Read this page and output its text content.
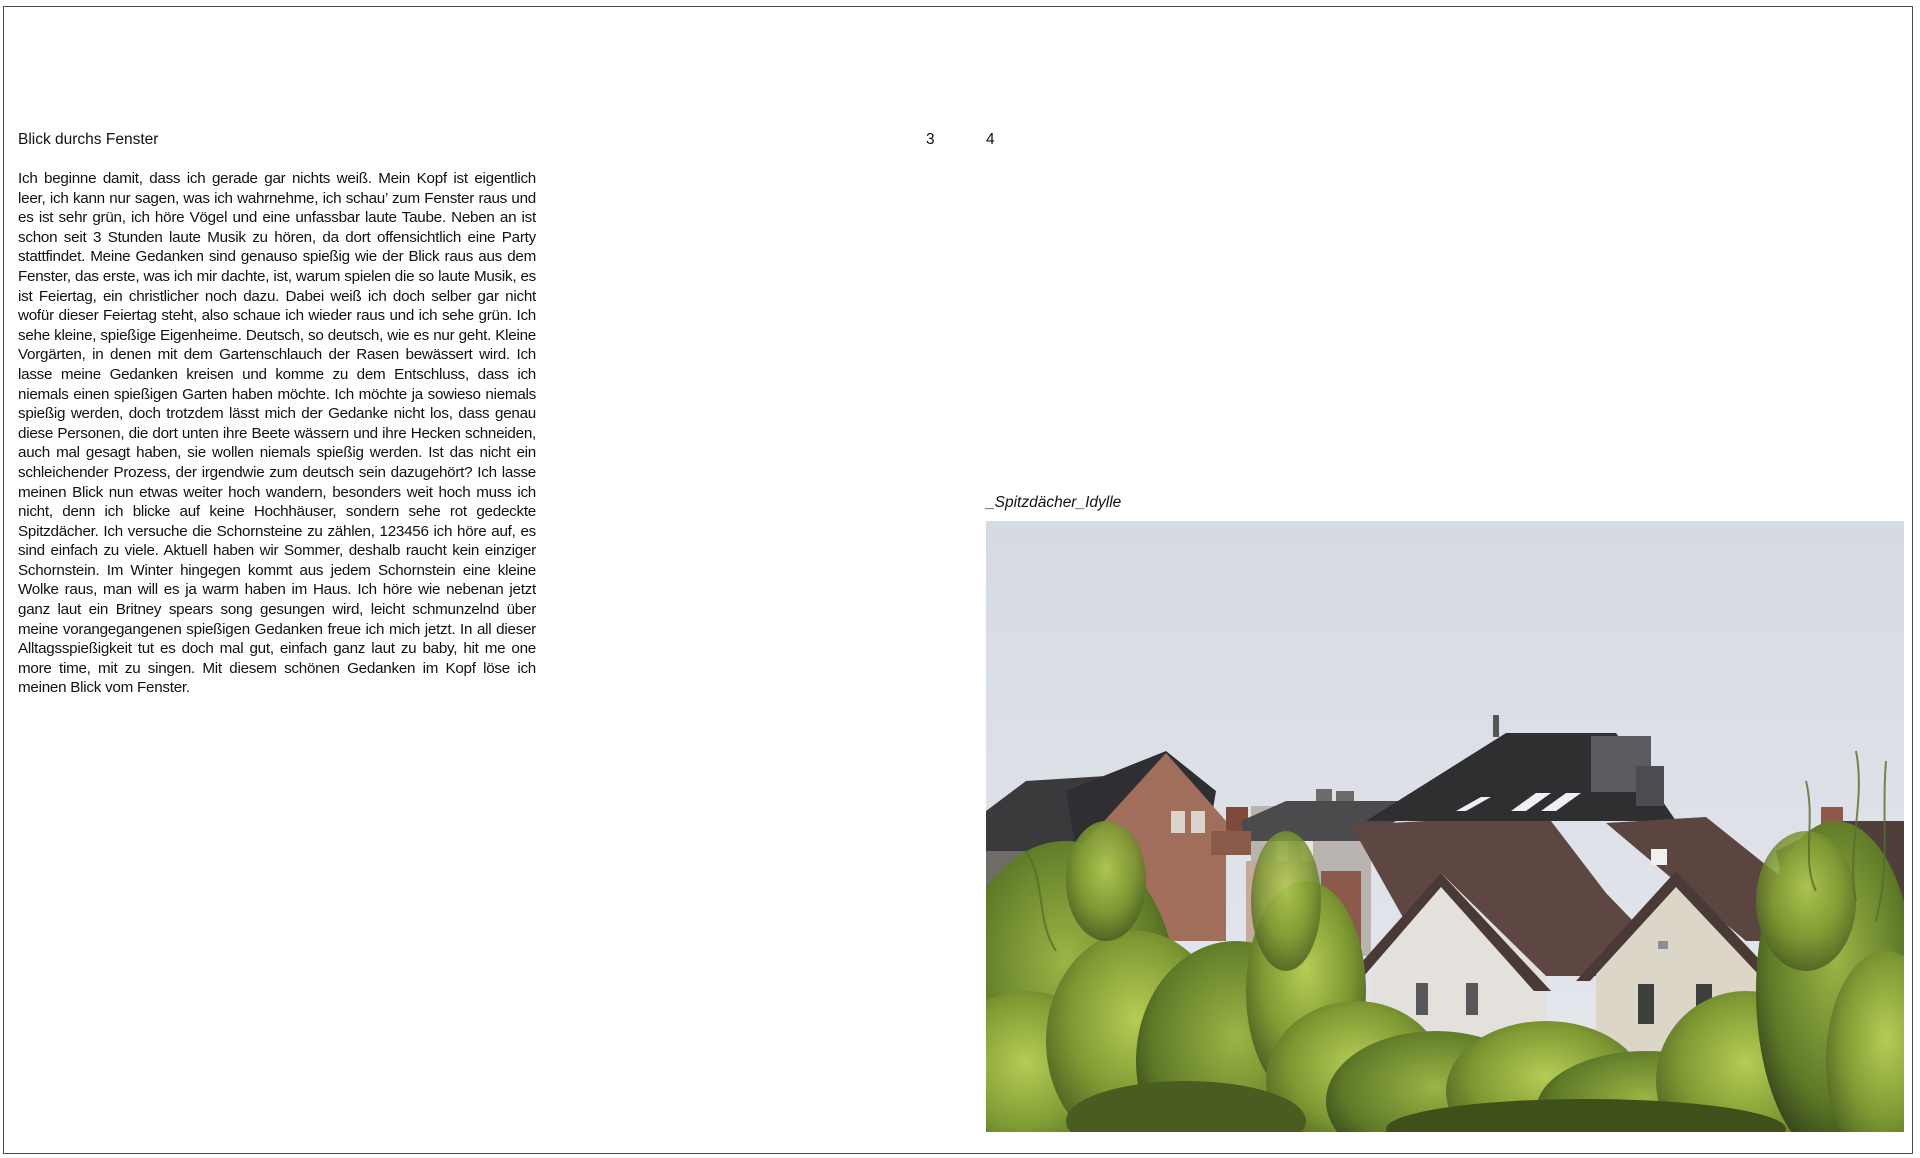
Blick durchs Fenster

Ich beginne damit, dass ich gerade gar nichts weiß. Mein Kopf ist eigentlich leer, ich kann nur sagen, was ich wahrnehme, ich schau’ zum Fenster raus und es ist sehr grün, ich höre Vögel und eine unfassbar laute Taube. Neben an ist schon seit 3 Stunden laute Musik zu hören, da dort offensichtlich eine Party stattfindet. Meine Gedanken sind genauso spießig wie der Blick raus aus dem Fenster, das erste, was ich mir dachte, ist, warum spielen die so laute Musik, es ist Feiertag, ein christlicher noch dazu. Dabei weiß ich doch selber gar nicht wofür dieser Feiertag steht, also schaue ich wieder raus und ich sehe grün. Ich sehe kleine, spießige Eigenheime. Deutsch, so deutsch, wie es nur geht. Kleine Vorgärten, in denen mit dem Gartenschlauch der Rasen bewässert wird. Ich lasse meine Gedanken kreisen und komme zu dem Entschluss, dass ich niemals einen spießigen Garten haben möchte. Ich möchte ja sowieso niemals spießig werden, doch trotzdem lässt mich der Gedanke nicht los, dass genau diese Personen, die dort unten ihre Beete wässern und ihre Hecken schneiden, auch mal gesagt haben, sie wollen niemals spießig werden. Ist das nicht ein schleichender Prozess, der irgendwie zum deutsch sein dazugehört? Ich lasse meinen Blick nun etwas weiter hoch wandern, besonders weit hoch muss ich nicht, denn ich blicke auf keine Hochhäuser, sondern sehe rot gedeckte Spitzdächer. Ich versuche die Schornsteine zu zählen, 123456 ich höre auf, es sind einfach zu viele. Aktuell haben wir Sommer, deshalb raucht kein einziger Schornstein. Im Winter hingegen kommt aus jedem Schornstein eine kleine Wolke raus, man will es ja warm haben im Haus. Ich höre wie nebenan jetzt ganz laut ein Britney spears song gesungen wird, leicht schmunzelnd über meine vorangegangenen spießigen Gedanken freue ich mich jetzt. In all dieser Alltagsspießigkeit tut es doch mal gut, einfach ganz laut zu baby, hit me one more time, mit zu singen. Mit diesem schönen Gedanken im Kopf löse ich meinen Blick vom Fenster.

3	4
_Spitzdächer_Idylle
